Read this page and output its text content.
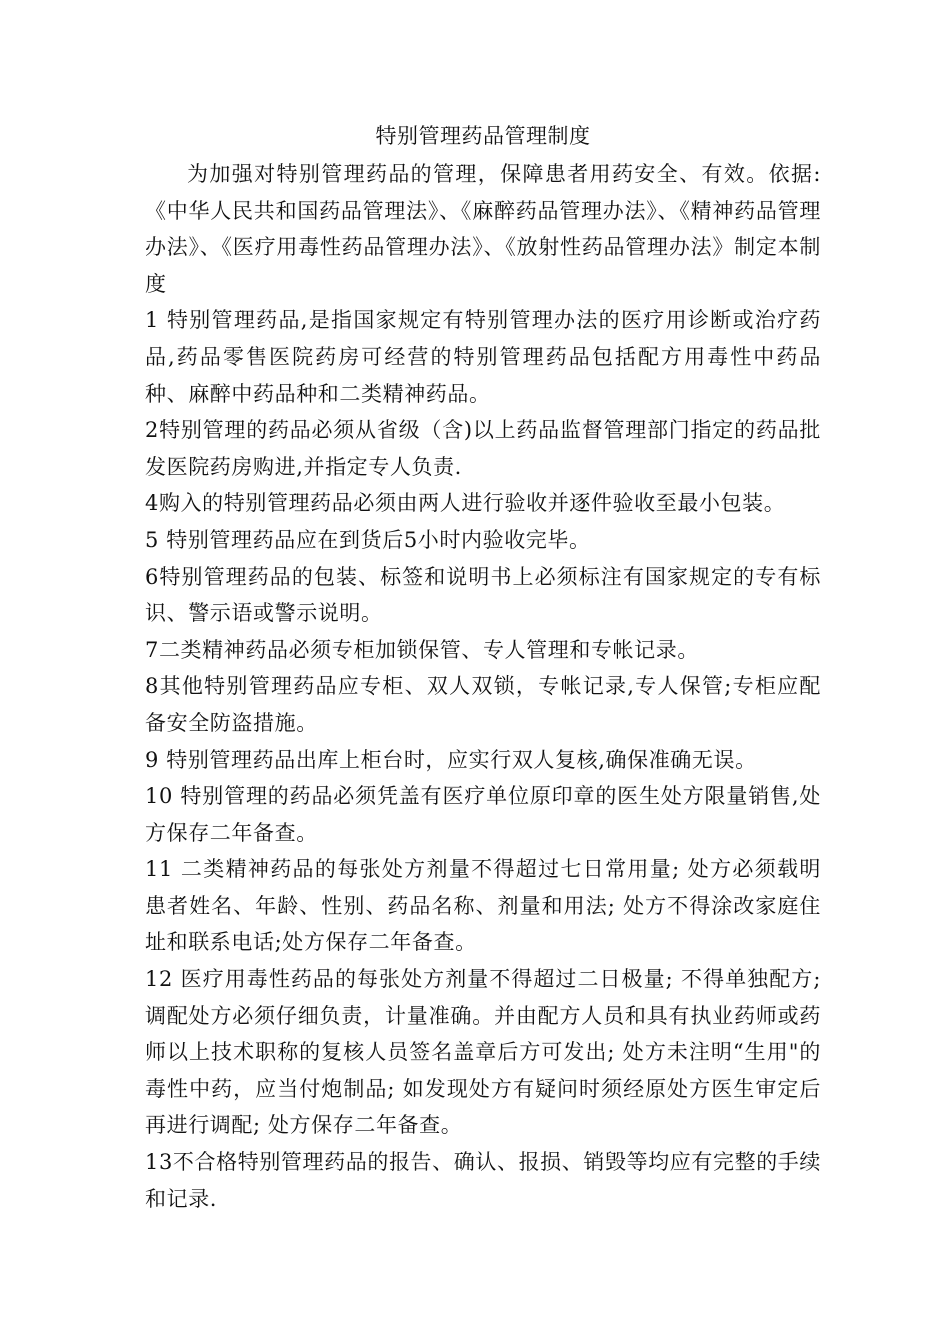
特别管理药品管理制度

为加强对特别管理药品的管理，保障患者用药安全、有效。依据:《中华人民共和国药品管理法》、《麻醉药品管理办法》、《精神药品管理办法》、《医疗用毒性药品管理办法》、《放射性药品管理办法》制定本制度

1 特别管理药品,是指国家规定有特别管理办法的医疗用诊断或治疗药品,药品零售医院药房可经营的特别管理药品包括配方用毒性中药品种、麻醉中药品种和二类精神药品。

2特别管理的药品必须从省级（含)以上药品监督管理部门指定的药品批发医院药房购进,并指定专人负责.

4购入的特别管理药品必须由两人进行验收并逐件验收至最小包装。

5 特别管理药品应在到货后5小时内验收完毕。

6特别管理药品的包装、标签和说明书上必须标注有国家规定的专有标识、警示语或警示说明。

7二类精神药品必须专柜加锁保管、专人管理和专帐记录。

8其他特别管理药品应专柜、双人双锁，专帐记录,专人保管;专柜应配备安全防盗措施。

9 特别管理药品出库上柜台时，应实行双人复核,确保准确无误。

10 特别管理的药品必须凭盖有医疗单位原印章的医生处方限量销售,处方保存二年备查。

11 二类精神药品的每张处方剂量不得超过七日常用量; 处方必须载明患者姓名、年龄、性别、药品名称、剂量和用法; 处方不得涂改家庭住址和联系电话;处方保存二年备查。

12 医疗用毒性药品的每张处方剂量不得超过二日极量; 不得单独配方; 调配处方必须仔细负责，计量准确。并由配方人员和具有执业药师或药师以上技术职称的复核人员签名盖章后方可发出; 处方未注明“生用"的毒性中药，应当付炮制品; 如发现处方有疑问时须经原处方医生审定后再进行调配; 处方保存二年备查。

13不合格特别管理药品的报告、确认、报损、销毁等均应有完整的手续和记录.
